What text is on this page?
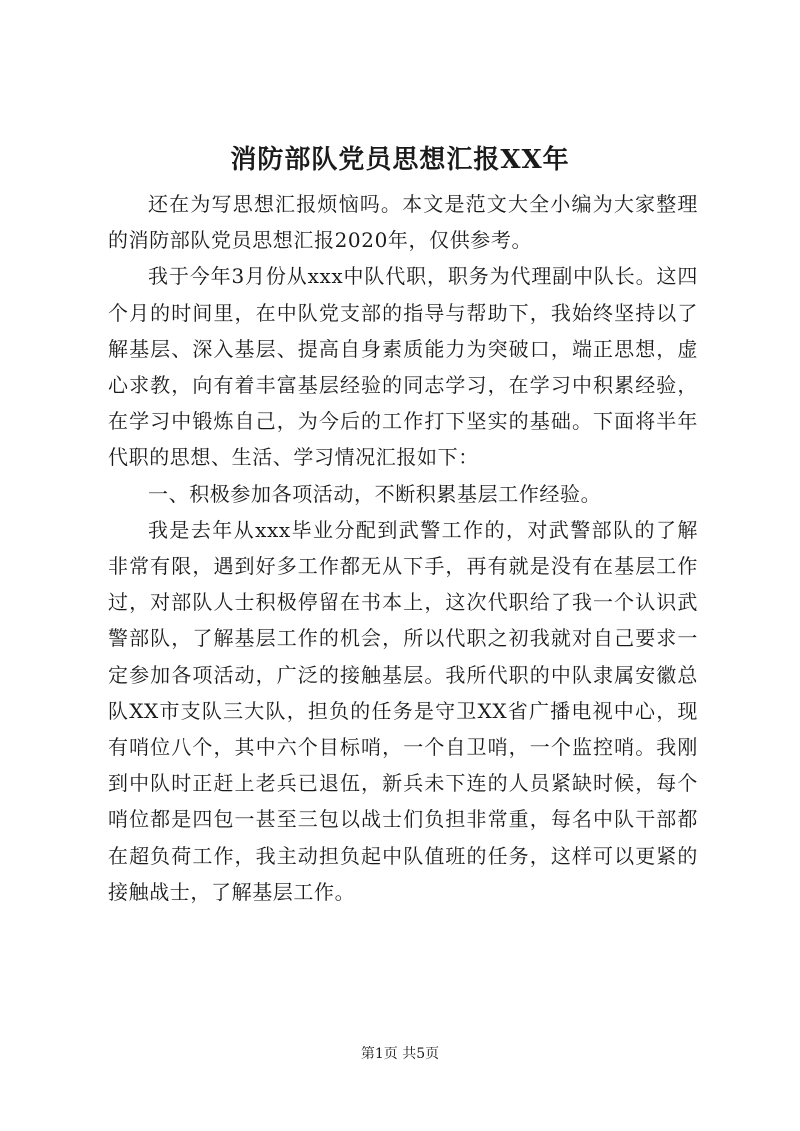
消防部队党员思想汇报XX年

还在为写思想汇报烦恼吗。本文是范文大全小编为大家整理的消防部队党员思想汇报2020年，仅供参考。

我于今年3月份从xxx中队代职，职务为代理副中队长。这四个月的时间里，在中队党支部的指导与帮助下，我始终坚持以了解基层、深入基层、提高自身素质能力为突破口，端正思想，虚心求教，向有着丰富基层经验的同志学习，在学习中积累经验，在学习中锻炼自己，为今后的工作打下坚实的基础。下面将半年代职的思想、生活、学习情况汇报如下：

一、积极参加各项活动，不断积累基层工作经验。

我是去年从xxx毕业分配到武警工作的，对武警部队的了解非常有限，遇到好多工作都无从下手，再有就是没有在基层工作过，对部队人士积极停留在书本上，这次代职给了我一个认识武警部队，了解基层工作的机会，所以代职之初我就对自己要求一定参加各项活动，广泛的接触基层。我所代职的中队隶属安徽总队XX市支队三大队，担负的任务是守卫XX省广播电视中心，现有哨位八个，其中六个目标哨，一个自卫哨，一个监控哨。我刚到中队时正赶上老兵已退伍，新兵未下连的人员紧缺时候，每个哨位都是四包一甚至三包以战士们负担非常重，每名中队干部都在超负荷工作，我主动担负起中队值班的任务，这样可以更紧的接触战士，了解基层工作。

第1页 共5页
